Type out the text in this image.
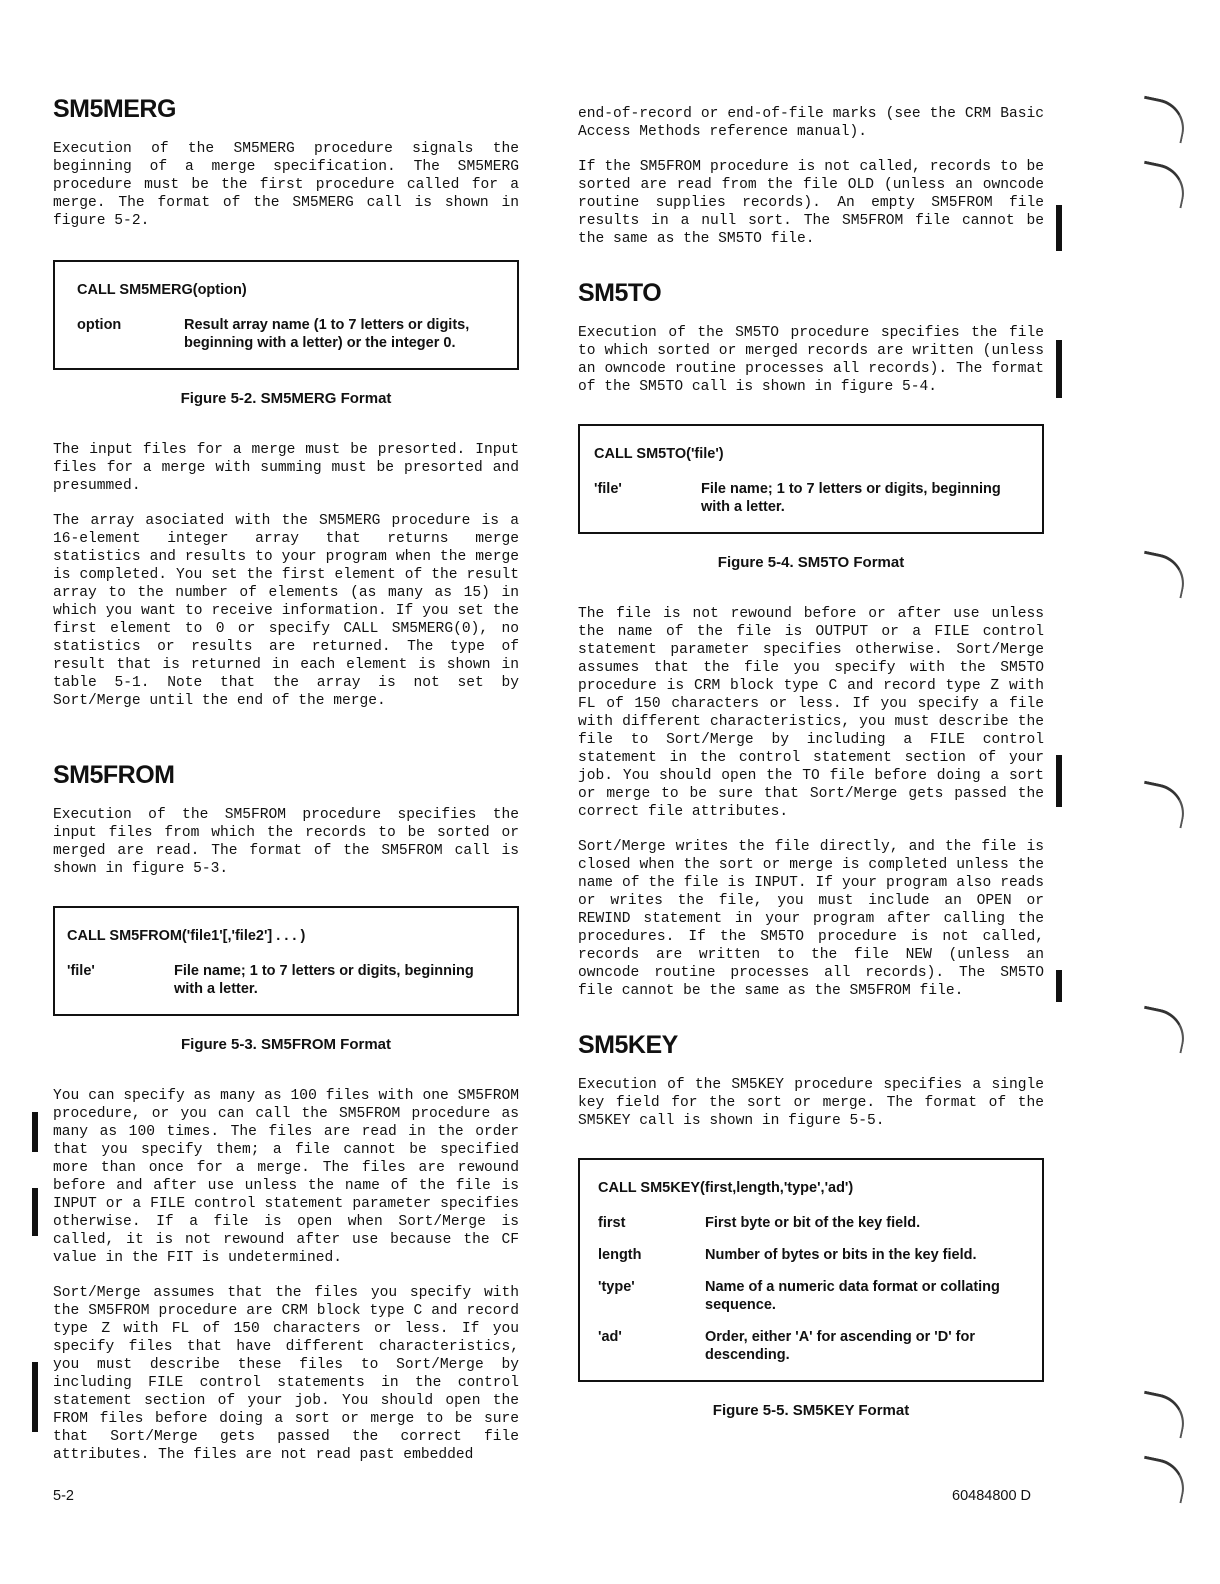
SM5MERG

Execution of the SM5MERG procedure signals the beginning of a merge specification. The SM5MERG procedure must be the first procedure called for a merge. The format of the SM5MERG call is shown in figure 5-2.

CALL SM5MERG(option)
option	Result array name (1 to 7 letters or digits, beginning with a letter) or the integer 0.
Figure 5-2. SM5MERG Format

The input files for a merge must be presorted. Input files for a merge with summing must be presorted and presummed.

The array asociated with the SM5MERG procedure is a 16-element integer array that returns merge statistics and results to your program when the merge is completed. You set the first element of the result array to the number of elements (as many as 15) in which you want to receive information. If you set the first element to 0 or specify CALL SM5MERG(0), no statistics or results are returned. The type of result that is returned in each element is shown in table 5-1. Note that the array is not set by Sort/Merge until the end of the merge.

SM5FROM

Execution of the SM5FROM procedure specifies the input files from which the records to be sorted or merged are read. The format of the SM5FROM call is shown in figure 5-3.

CALL SM5FROM('file1'[,'file2'] . . . )
'file'	File name; 1 to 7 letters or digits, beginning with a letter.
Figure 5-3. SM5FROM Format

You can specify as many as 100 files with one SM5FROM procedure, or you can call the SM5FROM procedure as many as 100 times. The files are read in the order that you specify them; a file cannot be specified more than once for a merge. The files are rewound before and after use unless the name of the file is INPUT or a FILE control statement parameter specifies otherwise. If a file is open when Sort/Merge is called, it is not rewound after use because the CF value in the FIT is undetermined.

Sort/Merge assumes that the files you specify with the SM5FROM procedure are CRM block type C and record type Z with FL of 150 characters or less. If you specify files that have different characteristics, you must describe these files to Sort/Merge by including FILE control statements in the control statement section of your job. You should open the FROM files before doing a sort or merge to be sure that Sort/Merge gets passed the correct file attributes. The files are not read past embedded

end-of-record or end-of-file marks (see the CRM Basic Access Methods reference manual).

If the SM5FROM procedure is not called, records to be sorted are read from the file OLD (unless an owncode routine supplies records). An empty SM5FROM file results in a null sort. The SM5FROM file cannot be the same as the SM5TO file.

SM5TO

Execution of the SM5TO procedure specifies the file to which sorted or merged records are written (unless an owncode routine processes all records). The format of the SM5TO call is shown in figure 5-4.

CALL SM5TO('file')
'file'	File name; 1 to 7 letters or digits, beginning with a letter.
Figure 5-4. SM5TO Format

The file is not rewound before or after use unless the name of the file is OUTPUT or a FILE control statement parameter specifies otherwise. Sort/Merge assumes that the file you specify with the SM5TO procedure is CRM block type C and record type Z with FL of 150 characters or less. If you specify a file with different characteristics, you must describe the file to Sort/Merge by including a FILE control statement in the control statement section of your job. You should open the TO file before doing a sort or merge to be sure that Sort/Merge gets passed the correct file attributes.

Sort/Merge writes the file directly, and the file is closed when the sort or merge is completed unless the name of the file is INPUT. If your program also reads or writes the file, you must include an OPEN or REWIND statement in your program after calling the procedures. If the SM5TO procedure is not called, records are written to the file NEW (unless an owncode routine processes all records). The SM5TO file cannot be the same as the SM5FROM file.

SM5KEY

Execution of the SM5KEY procedure specifies a single key field for the sort or merge. The format of the SM5KEY call is shown in figure 5-5.

CALL SM5KEY(first,length,'type','ad')
first	First byte or bit of the key field.
length	Number of bytes or bits in the key field.
'type'	Name of a numeric data format or collating sequence.
'ad'	Order, either 'A' for ascending or 'D' for descending.
Figure 5-5. SM5KEY Format
5-2	60484800 D
